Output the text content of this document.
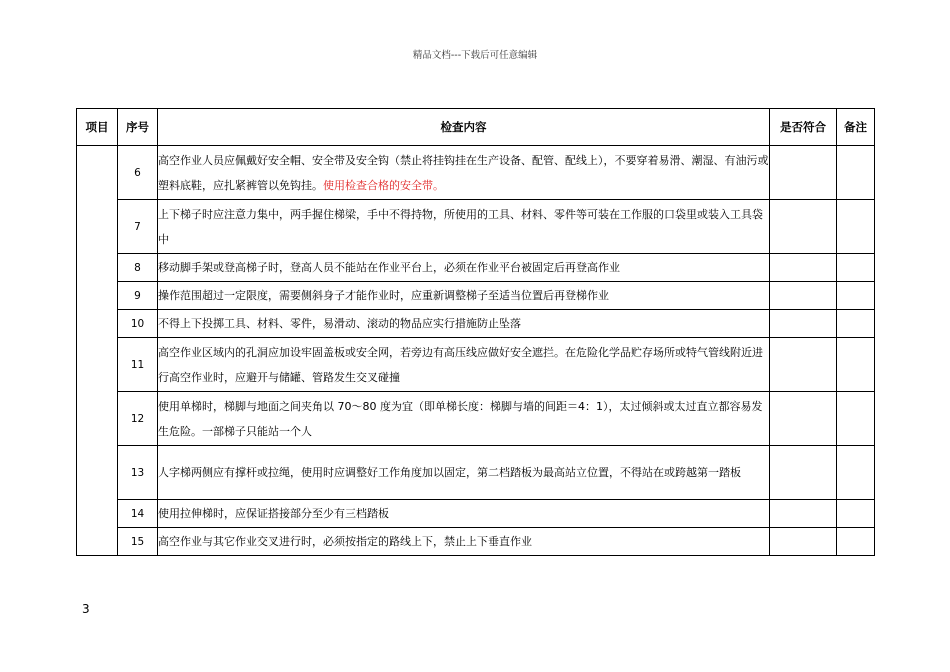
精品文档---下载后可任意编辑
项目	序号	检查内容	是否符合	备注
	6	高空作业人员应佩戴好安全帽、安全带及安全钩（禁止将挂钩挂在生产设备、配管、配线上），不要穿着易滑、潮湿、有油污或塑料底鞋，应扎紧裤管以免钩挂。使用检查合格的安全带。		
	7	上下梯子时应注意力集中，两手握住梯梁，手中不得持物，所使用的工具、材料、零件等可装在工作服的口袋里或装入工具袋中		
	8	移动脚手架或登高梯子时，登高人员不能站在作业平台上，必须在作业平台被固定后再登高作业		
	9	操作范围超过一定限度，需要侧斜身子才能作业时，应重新调整梯子至适当位置后再登梯作业		
	10	不得上下投掷工具、材料、零件，易滑动、滚动的物品应实行措施防止坠落		
	11	高空作业区域内的孔洞应加设牢固盖板或安全网，若旁边有高压线应做好安全遮拦。在危险化学品贮存场所或特气管线附近进行高空作业时，应避开与储罐、管路发生交叉碰撞		
	12	使用单梯时，梯脚与地面之间夹角以 70～80 度为宜（即单梯长度：梯脚与墙的间距＝4：1），太过倾斜或太过直立都容易发生危险。一部梯子只能站一个人		
	13	人字梯两侧应有撑杆或拉绳，使用时应调整好工作角度加以固定，第二档踏板为最高站立位置，不得站在或跨越第一踏板		
	14	使用拉伸梯时，应保证搭接部分至少有三档踏板		
	15	高空作业与其它作业交叉进行时，必须按指定的路线上下，禁止上下垂直作业		
3
